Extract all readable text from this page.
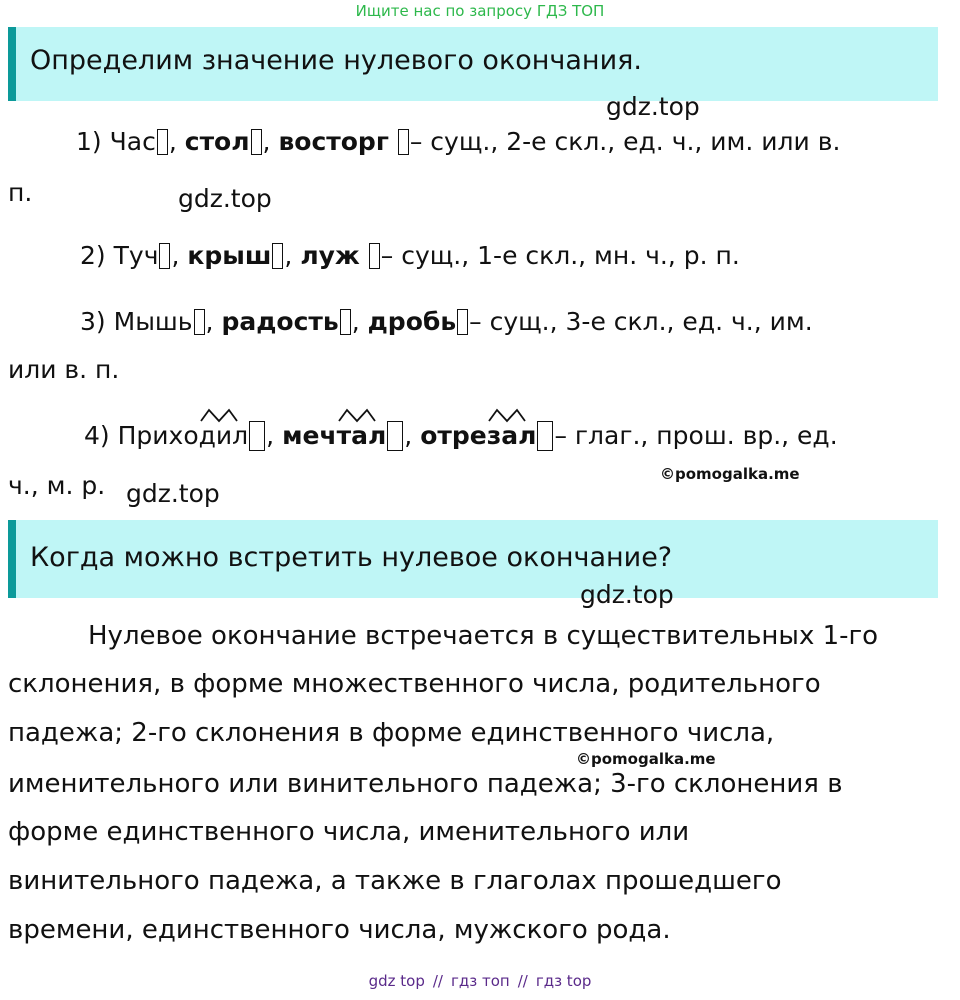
Ищите нас по запросу ГДЗ ТОП
Определим значение нулевого окончания.
gdz.top
1) Час , стол , восторг – сущ., 2-е скл., ед. ч., им. или в.
п.	gdz.top
2) Туч , крыш , луж – сущ., 1-е скл., мн. ч., р. п.
3) Мышь , радость , дробь – сущ., 3-е скл., ед. ч., им.
или в. п.
4) Прихо
дил , меч
тал , отре
зал – глаг., прош. вр., ед.
©pomogalka.me
ч., м. р. gdz.top
Когда можно встретить нулевое окончание?
gdz.top
Нулевое окончание встречается в существительных 1-го
склонения, в форме множественного числа, родительного
падежа; 2-го склонения в форме единственного числа,
©pomogalka.me
именительного или винительного падежа; 3-го склонения в
форме единственного числа, именительного или
винительного падежа, а также в глаголах прошедшего
времени, единственного числа, мужского рода.
gdz top // гдз топ // гдз top
